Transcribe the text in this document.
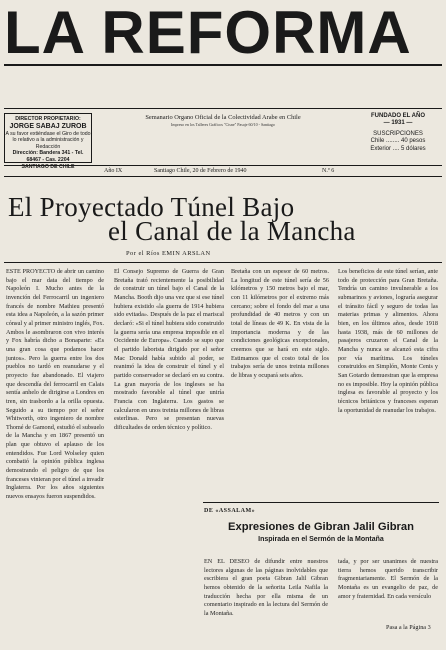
LA REFORMA
DIRECTOR PROPIETARIO:
JORGE SABAJ ZUROB
A su favor extiéndase el Giro de todo lo relativo a la administración y Redacción
Dirección: Bandera 341 - Tel. 68467 - Cas. 2204
SANTIAGO DE CHILE
Semanario Organo Oficial de la Colectividad Arabe en Chile
Impreso en los Talleres Gráficos "Cisne" Pasaje 60/10 - Santiago
FUNDADO EL AÑO
— 1931 —
SUSCRIPCIONES
Chile ........ 40 pesos
Exterior .... 5 dólares
Año IX	Santiago Chile, 20 de Febrero de 1940	N.º 6
El Proyectado Túnel Bajo
el Canal de la Mancha
Por el Ríos EMIN ARSLAN
ESTE PROYECTO de abrir un camino bajo el mar data del tiempo de Napoleón I. Mucho antes de la invención del Ferrocarril un ingeniero francés de nombre Mathieu presentó esta idea a Napoleón, a la sazón primer cónsul y al primer ministro inglés, Fox. Ambos le asombraron con vivo interés y Fox habría dicho a Bonaparte: «Es una gran cosa que podamos hacer juntos». Pero la guerra entre los dos pueblos no tardó en reanudarse y el proyecto fue abandonado. El viajero que descendía del ferrocarril en Calais sentía anhelo de dirigirse a Londres en tren, sin trasbordo a la orilla opuesta. Seguido a su tiempo por el señor Whitworth, otro ingeniero de nombre Thomé de Gamond, estudió el subsuelo de la Mancha y en 1867 presentó un plan que obtuvo el aplauso de los entendidos. Fue Lord Wolseley quien combatió la opinión pública inglesa demostrando el peligro de que los franceses vinieran por el túnel a invadir Inglaterra. Por los años siguientes nuevos ensayos fueron suspendidos.
El Consejo Supremo de Guerra de Gran Bretaña trató recientemente la posibilidad de construir un túnel bajo el Canal de la Mancha. Booth dijo una vez que si ese túnel hubiera existido «la guerra de 1914 hubiera sido evitada». Después de la paz el mariscal declaró: «Si el túnel hubiera sido construido la guerra sería una empresa imposible en el Occidente de Europa». Cuando se supo que el partido laborista dirigido por el señor Mac Donald había subido al poder, se reanimó la idea de construir el túnel y el partido conservador se declaró en su contra. La gran mayoría de los ingleses se ha mostrado favorable al túnel que uniría Francia con Inglaterra. Los gastos se calcularon en unos treinta millones de libras esterlinas. Pero se presentan nuevas dificultades de orden técnico y político.
Bretaña con un espesor de 60 metros. La longitud de este túnel sería de 56 kilómetros y 150 metros bajo el mar, con 11 kilómetros por el extremo más cercano; sobre el fondo del mar a una profundidad de 40 metros y con un total de líneas de 49 K. En vista de la importancia moderna y de las condiciones geológicas excepcionales, creemos que se hará en este siglo. Estimamos que el costo total de los trabajos sería de unos treinta millones de libras y ocupará seis años.
Los beneficios de este túnel serían, ante todo de protección para Gran Bretaña. Tendría un camino invulnerable a los submarinos y aviones, lograría asegurar el tránsito fácil y seguro de todas las materias primas y alimentos. Ahora bien, en los últimos años, desde 1918 hasta 1938, más de 60 millones de pasajeros cruzaron el Canal de la Mancha y nunca se alcanzó esta cifra por vía marítima. Los túneles construidos en Simplón, Monte Cenis y San Gotardo demuestran que la empresa no es imposible. Hoy la opinión pública inglesa es favorable al proyecto y los técnicos británicos y franceses esperan la oportunidad de reanudar los trabajos.
DE «ASSALAM»
Expresiones de Gibran Jalil Gibran
Inspirada en el Sermón de la Montaña
EN EL DESEO de difundir entre nuestros lectores algunas de las páginas inolvidables que escribiera el gran poeta Gibran Jalil Gibran hemos obtenido de la señorita Leila Nafila la traducción hecha por ella misma de un comentario inspirado en la lectura del Sermón de la Montaña.
tada, y por ser unanimes de nuestra tierra hemos querido transcribir fragmentariamente. El Sermón de la Montaña es un evangelio de paz, de amor y fraternidad. En cada versículo
Pasa a la Página 3
